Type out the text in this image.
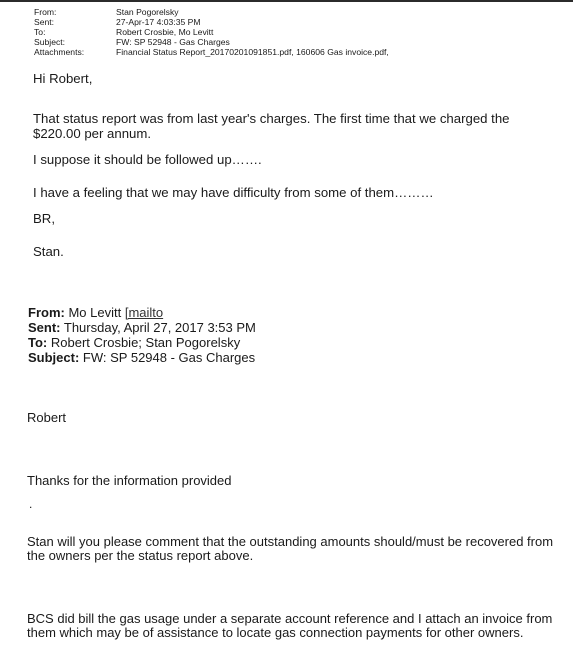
From:	Stan Pogorelsky
Sent:	27-Apr-17 4:03:35 PM
To:	Robert Crosbie, Mo Levitt
Subject:	FW: SP 52948 - Gas Charges
Attachments:	Financial Status Report_20170201091851.pdf, 160606 Gas invoice.pdf,
Hi Robert,
That status report was from last year's charges. The first time that we charged the $220.00 per annum.
I suppose it should be followed up…….
I have a feeling that we may have difficulty from some of them………
BR,
Stan.
From: Mo Levitt [mailto
Sent: Thursday, April 27, 2017 3:53 PM
To: Robert Crosbie; Stan Pogorelsky
Subject: FW: SP 52948 - Gas Charges
Robert
Thanks for the information provided
.
Stan will you please comment that the outstanding amounts should/must be recovered from the owners per the status report above.
BCS did bill the gas usage under a separate account reference and I attach an invoice from them which may be of assistance to locate gas connection payments for other owners.
